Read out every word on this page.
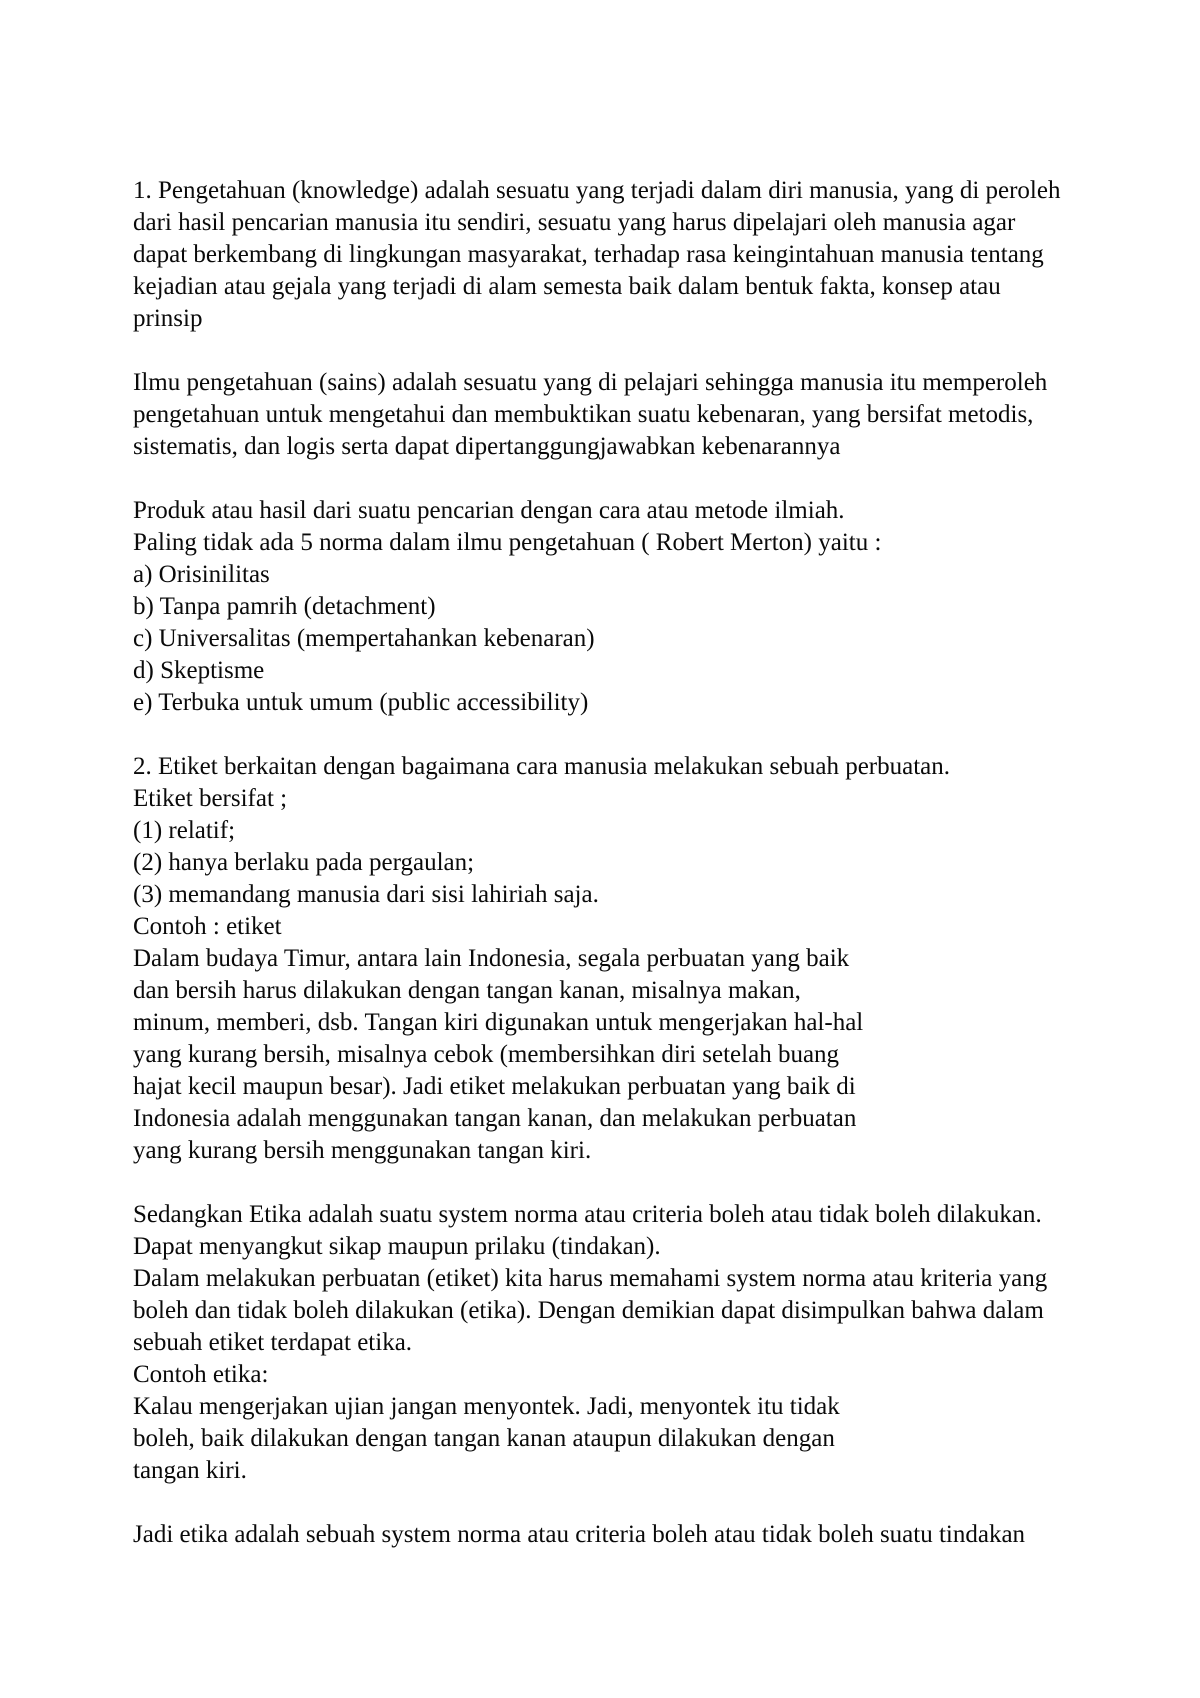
1. Pengetahuan (knowledge) adalah sesuatu yang terjadi dalam diri manusia, yang di peroleh
dari hasil pencarian manusia itu sendiri, sesuatu yang harus dipelajari oleh manusia agar
dapat berkembang di lingkungan masyarakat, terhadap rasa keingintahuan manusia tentang
kejadian atau gejala yang terjadi di alam semesta baik dalam bentuk fakta, konsep atau
prinsip
Ilmu pengetahuan (sains) adalah sesuatu yang di pelajari sehingga manusia itu memperoleh
pengetahuan untuk mengetahui dan membuktikan suatu kebenaran, yang bersifat metodis,
sistematis, dan logis serta dapat dipertanggungjawabkan kebenarannya
Produk atau hasil dari suatu pencarian dengan cara atau metode ilmiah.
Paling tidak ada 5 norma dalam ilmu pengetahuan ( Robert Merton) yaitu :
a) Orisinilitas
b) Tanpa pamrih (detachment)
c) Universalitas (mempertahankan kebenaran)
d) Skeptisme
e) Terbuka untuk umum (public accessibility)
2. Etiket berkaitan dengan bagaimana cara manusia melakukan sebuah perbuatan.
Etiket bersifat ;
(1) relatif;
(2) hanya berlaku pada pergaulan;
(3) memandang manusia dari sisi lahiriah saja.
Contoh : etiket
Dalam budaya Timur, antara lain Indonesia, segala perbuatan yang baik
dan bersih harus dilakukan dengan tangan kanan, misalnya makan,
minum, memberi, dsb. Tangan kiri digunakan untuk mengerjakan hal-hal
yang kurang bersih, misalnya cebok (membersihkan diri setelah buang
hajat kecil maupun besar). Jadi etiket melakukan perbuatan yang baik di
Indonesia adalah menggunakan tangan kanan, dan melakukan perbuatan
yang kurang bersih menggunakan tangan kiri.
Sedangkan Etika adalah suatu system norma atau criteria boleh atau tidak boleh dilakukan.
Dapat menyangkut sikap maupun prilaku (tindakan).
Dalam melakukan perbuatan (etiket) kita harus memahami system norma atau kriteria yang
boleh dan tidak boleh dilakukan (etika). Dengan demikian dapat disimpulkan bahwa dalam
sebuah etiket terdapat etika.
Contoh etika:
Kalau mengerjakan ujian jangan menyontek. Jadi, menyontek itu tidak
boleh, baik dilakukan dengan tangan kanan ataupun dilakukan dengan
tangan kiri.
Jadi etika adalah sebuah system norma atau criteria boleh atau tidak boleh suatu tindakan
